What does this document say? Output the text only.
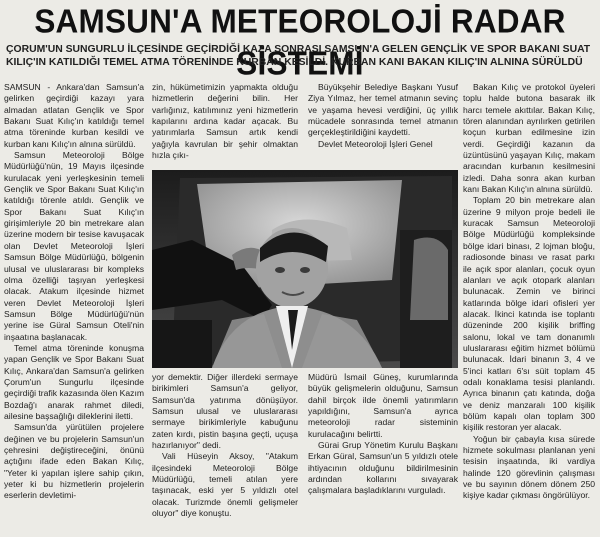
SAMSUN'A METEOROLOJİ RADAR SİSTEMİ

ÇORUM'UN SUNGURLU İLÇESİNDE GEÇİRDİĞİ KAZA SONRASI SAMSUN'A GELEN GENÇLİK VE SPOR BAKANI SUAT KILIÇ'IN KATILDIĞI TEMEL ATMA TÖRENİNDE KURBAN KESİLDİ. KURBAN KANI BAKAN KILIÇ'IN ALNINA SÜRÜLDÜ

SAMSUN - Ankara'dan Samsun'a gelirken geçirdiği kazayı yara almadan atlatan Gençlik ve Spor Bakanı Suat Kılıç'ın katıldığı temel atma töreninde kurban kesildi ve kurban kanı Kılıç'ın alnına sürüldü.

Samsun Meteoroloji Bölge Müdürlüğü'nün, 19 Mayıs ilçesinde kurulacak yeni yerleşkesinin temeli Gençlik ve Spor Bakanı Suat Kılıç'ın katıldığı törenle atıldı. Gençlik ve Spor Bakanı Suat Kılıç'ın girişimleriyle 20 bin metrekare alan üzerine modern bir tesise kavuşacak olan Devlet Meteoroloji İşleri Samsun Bölge Müdürlüğü, bölgenin ulusal ve uluslararası bir kompleks olma özelliği taşıyan yerleşkesi olacak. Atakum ilçesinde hizmet veren Devlet Meteoroloji İşleri Samsun Bölge Müdürlüğü'nün yerine ise Güral Samsun Oteli'nin inşaatına başlanacak.

Temel atma töreninde konuşma yapan Gençlik ve Spor Bakanı Suat Kılıç, Ankara'dan Samsun'a gelirken Çorum'un Sungurlu ilçesinde geçirdiği trafik kazasında ölen Kazım Bozdağ'ı anarak rahmet diledi, ailesine başsağlığı dileklerini iletti.

Samsun'da yürütülen projelere değinen ve bu projelerin Samsun'un çehresini değiştireceğini, önünü açtığını ifade eden Bakan Kılıç, "Yeter ki yapılan işlere sahip çıkın, yeter ki bu hizmetlerin projelerin eserlerin devletimi-

zin, hükümetimizin yapmakta olduğu hizmetlerin değerini bilin. Her varlığınız, katılımınız yeni hizmetlerin kapılarını ardına kadar açacak. Bu yatırımlarla Samsun artık kendi yağıyla kavrulan bir şehir olmaktan hızla çıkı-

Büyükşehir Belediye Başkanı Yusuf Ziya Yılmaz, her temel atmanın sevinç ve yaşama hevesi verdiğini, üç yıllık mücadele sonrasında temel atmanın gerçekleştirildiğini kaydetti.

Devlet Meteoroloji İşleri Genel

yor demektir. Diğer illerdeki sermaye birikimleri Samsun'a geliyor, Samsun'da yatırıma dönüşüyor. Samsun ulusal ve uluslararası sermaye birikimleriyle kabuğunu zaten kırdı, pistin başına geçti, uçuşa hazırlanıyor" dedi.

Vali Hüseyin Aksoy, "Atakum ilçesindeki Meteoroloji Bölge Müdürlüğü, temeli atılan yere taşınacak, eski yer 5 yıldızlı otel olacak. Turizmde önemli gelişmeler oluyor" diye konuştu.

Müdürü İsmail Güneş, kurumlarında büyük gelişmelerin olduğunu, Samsun dahil birçok ilde önemli yatırımların yapıldığını, Samsun'a ayrıca meteoroloji radar sisteminin kurulacağını belirtti.

Gürai Grup Yönetim Kurulu Başkanı Erkan Güral, Samsun'un 5 yıldızlı otele ihtiyacının olduğunu bildirilmesinin ardından kollarını sıvayarak çalışmalara başladıklarını vurguladı.

Bakan Kılıç ve protokol üyeleri toplu halde butona basarak ilk harcı temele akıttılar. Bakan Kılıç, tören alanından ayrılırken getirilen koçun kurban edilmesine izin verdi. Geçirdiği kazanın da üzüntüsünü yaşayan Kılıç, makam aracından kurbanın kesilmesini izledi. Daha sonra akan kurban kanı Bakan Kılıç'ın alnına sürüldü.

Toplam 20 bin metrekare alan üzerine 9 milyon proje bedeli ile kuracak Samsun Meteoroloji Bölge Müdürlüğü kompleksinde bölge idari binası, 2 lojman bloğu, radiosonde binası ve rasat parkı ile açık spor alanları, çocuk oyun alanları ve açık otopark alanları bulunacak. Zemin ve birinci katlarında bölge idari ofisleri yer alacak. İkinci katında ise toplantı düzeninde 200 kişilik briffing salonu, lokal ve tam donanımlı uluslararası eğitim hizmet bölümü bulunacak. İdari binanın 3, 4 ve 5'inci katları 6'sı süit toplam 45 odalı konaklama tesisi planlandı. Ayrıca binanın çatı katında, doğa ve deniz manzaralı 100 kişilik bölüm kapalı olan toplam 300 kişilik restoran yer alacak.

Yoğun bir çabayla kısa sürede hizmete sokulması planlanan yeni tesisin inşaatında, iki vardiya halinde 120 görevlinin çalışması ve bu sayının dönem dönem 250 kişiye kadar çıkması öngörülüyor.
